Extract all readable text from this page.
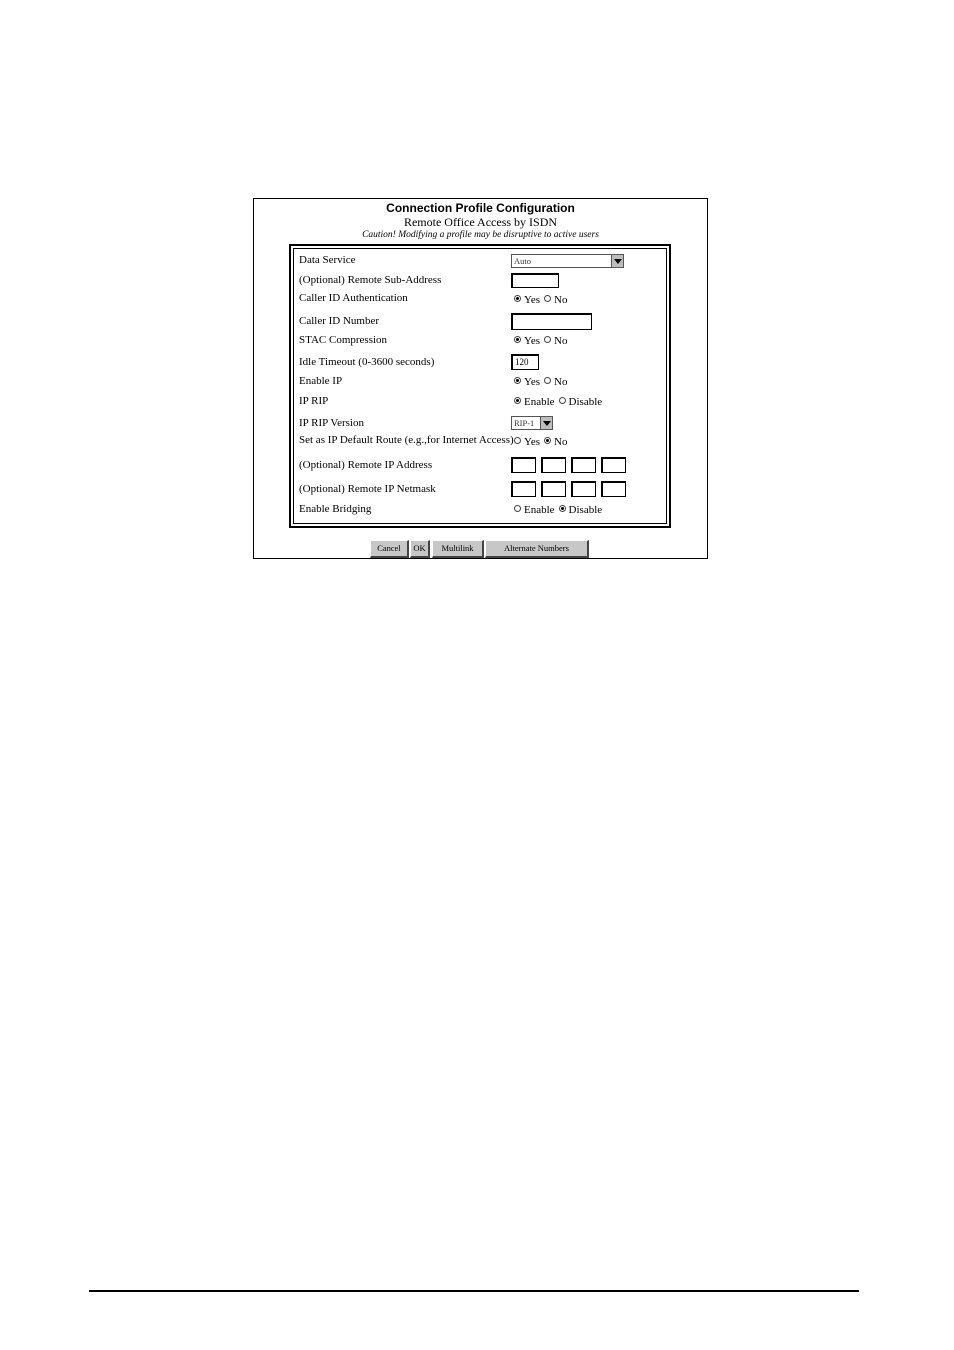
Connection Profile Configuration
Remote Office Access by ISDN
Caution! Modifying a profile may be disruptive to active users
Data Service	Auto
(Optional) Remote Sub-Address
Caller ID Authentication	Yes No
Caller ID Number
STAC Compression	Yes No
Idle Timeout (0-3600 seconds)	120
Enable IP	Yes No
IP RIP	Enable Disable
IP RIP Version	RIP-1
Set as IP Default Route (e.g.,for Internet Access) Yes No
(Optional) Remote IP Address
(Optional) Remote IP Netmask
Enable Bridging	Enable Disable
Cancel	OK	Multilink	Alternate Numbers
